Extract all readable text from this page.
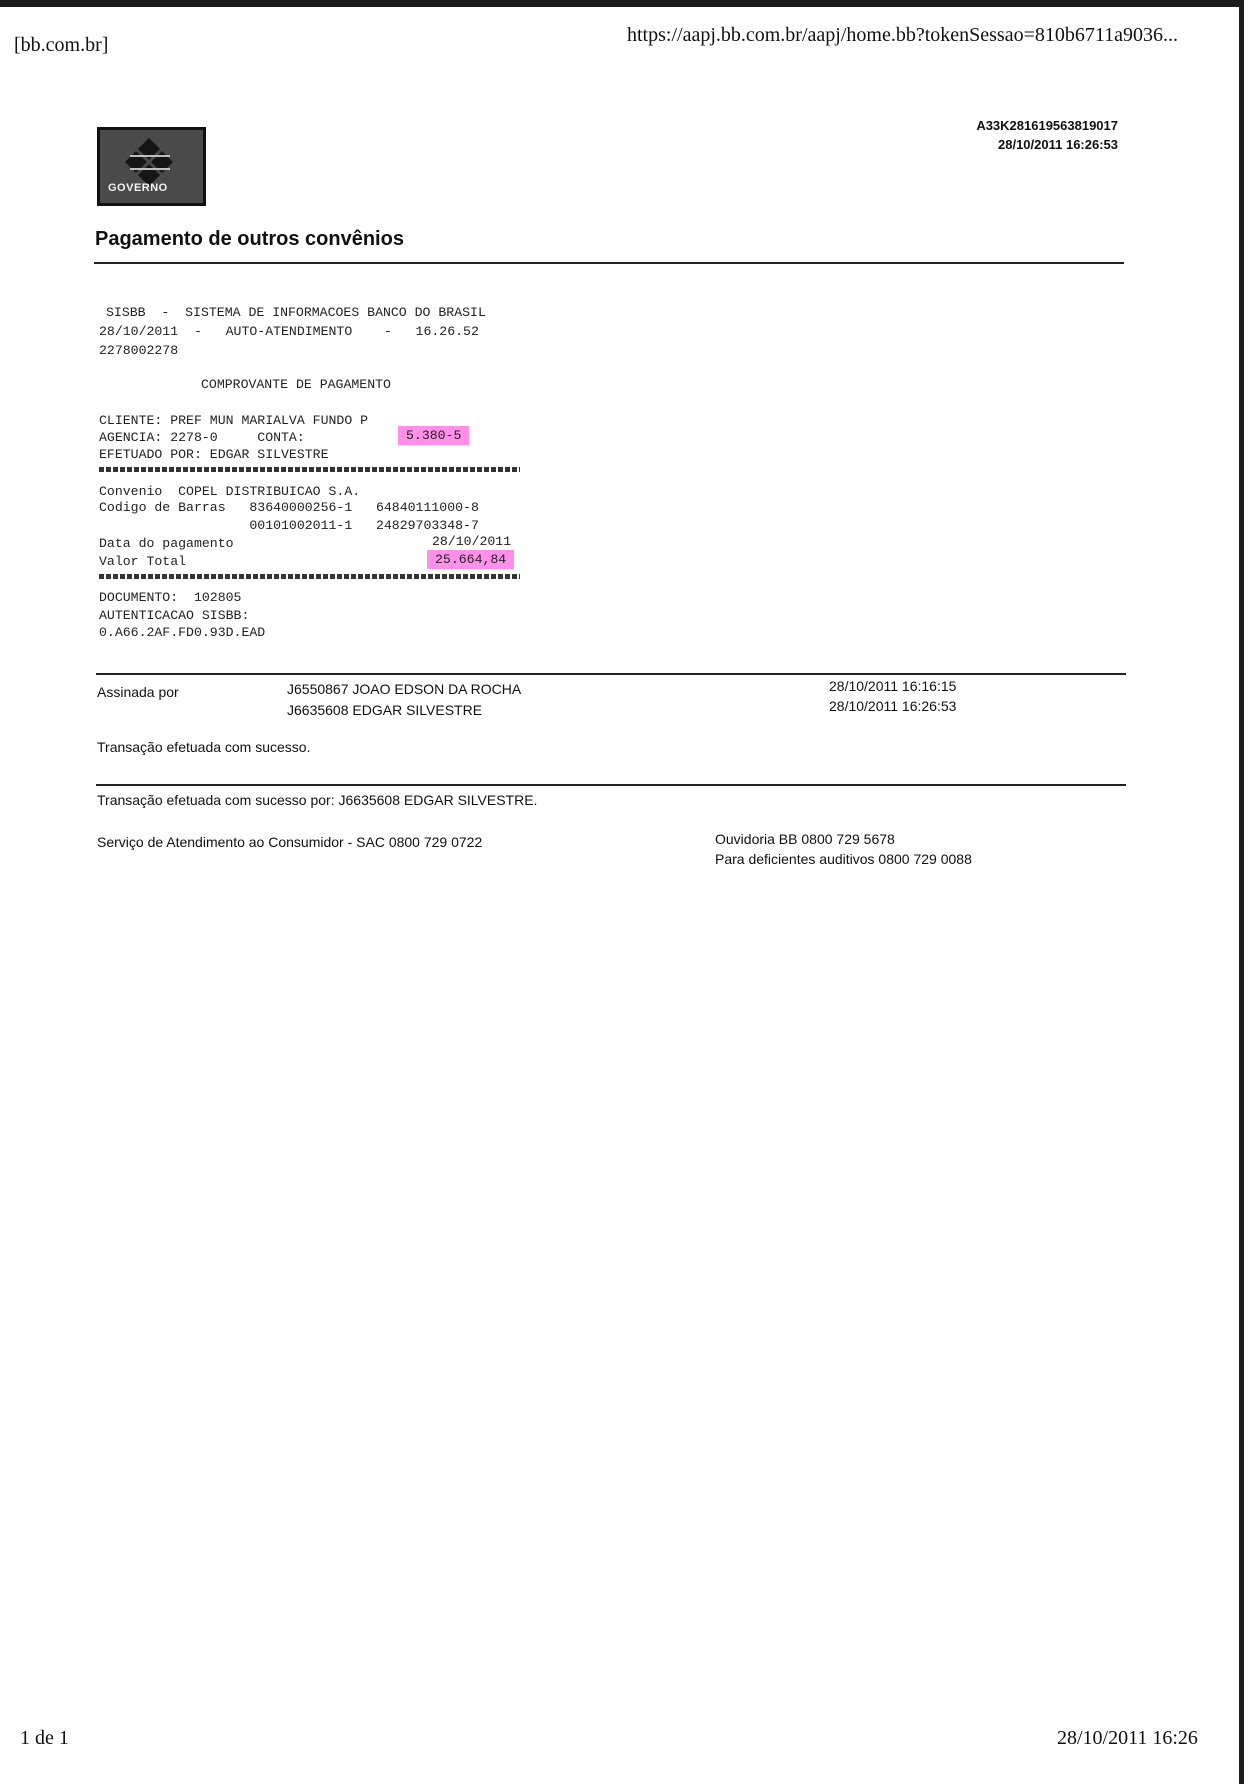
[bb.com.br]	https://aapj.bb.com.br/aapj/home.bb?tokenSessao=810b6711a9036...
GOVERNO
A33K281619563819017
28/10/2011 16:26:53
Pagamento de outros convênios
SISBB  -  SISTEMA DE INFORMACOES BANCO DO BRASIL
28/10/2011  -   AUTO-ATENDIMENTO    -   16.26.52
2278002278
COMPROVANTE DE PAGAMENTO
CLIENTE: PREF MUN MARIALVA FUNDO P
AGENCIA: 2278-0     CONTA:	5.380-5
EFETUADO POR: EDGAR SILVESTRE
Convenio  COPEL DISTRIBUICAO S.A.
Codigo de Barras   83640000256-1   64840111000-8
00101002011-1   24829703348-7
Data do pagamento	28/10/2011
Valor Total	25.664,84
DOCUMENTO:  102805
AUTENTICACAO SISBB:
0.A66.2AF.FD0.93D.EAD
Assinada por	J6550867 JOAO EDSON DA ROCHA	28/10/2011 16:16:15
J6635608 EDGAR SILVESTRE	28/10/2011 16:26:53
Transação efetuada com sucesso.
Transação efetuada com sucesso por: J6635608 EDGAR SILVESTRE.
Serviço de Atendimento ao Consumidor - SAC 0800 729 0722	Ouvidoria BB 0800 729 5678
Para deficientes auditivos 0800 729 0088
1 de 1	28/10/2011 16:26
